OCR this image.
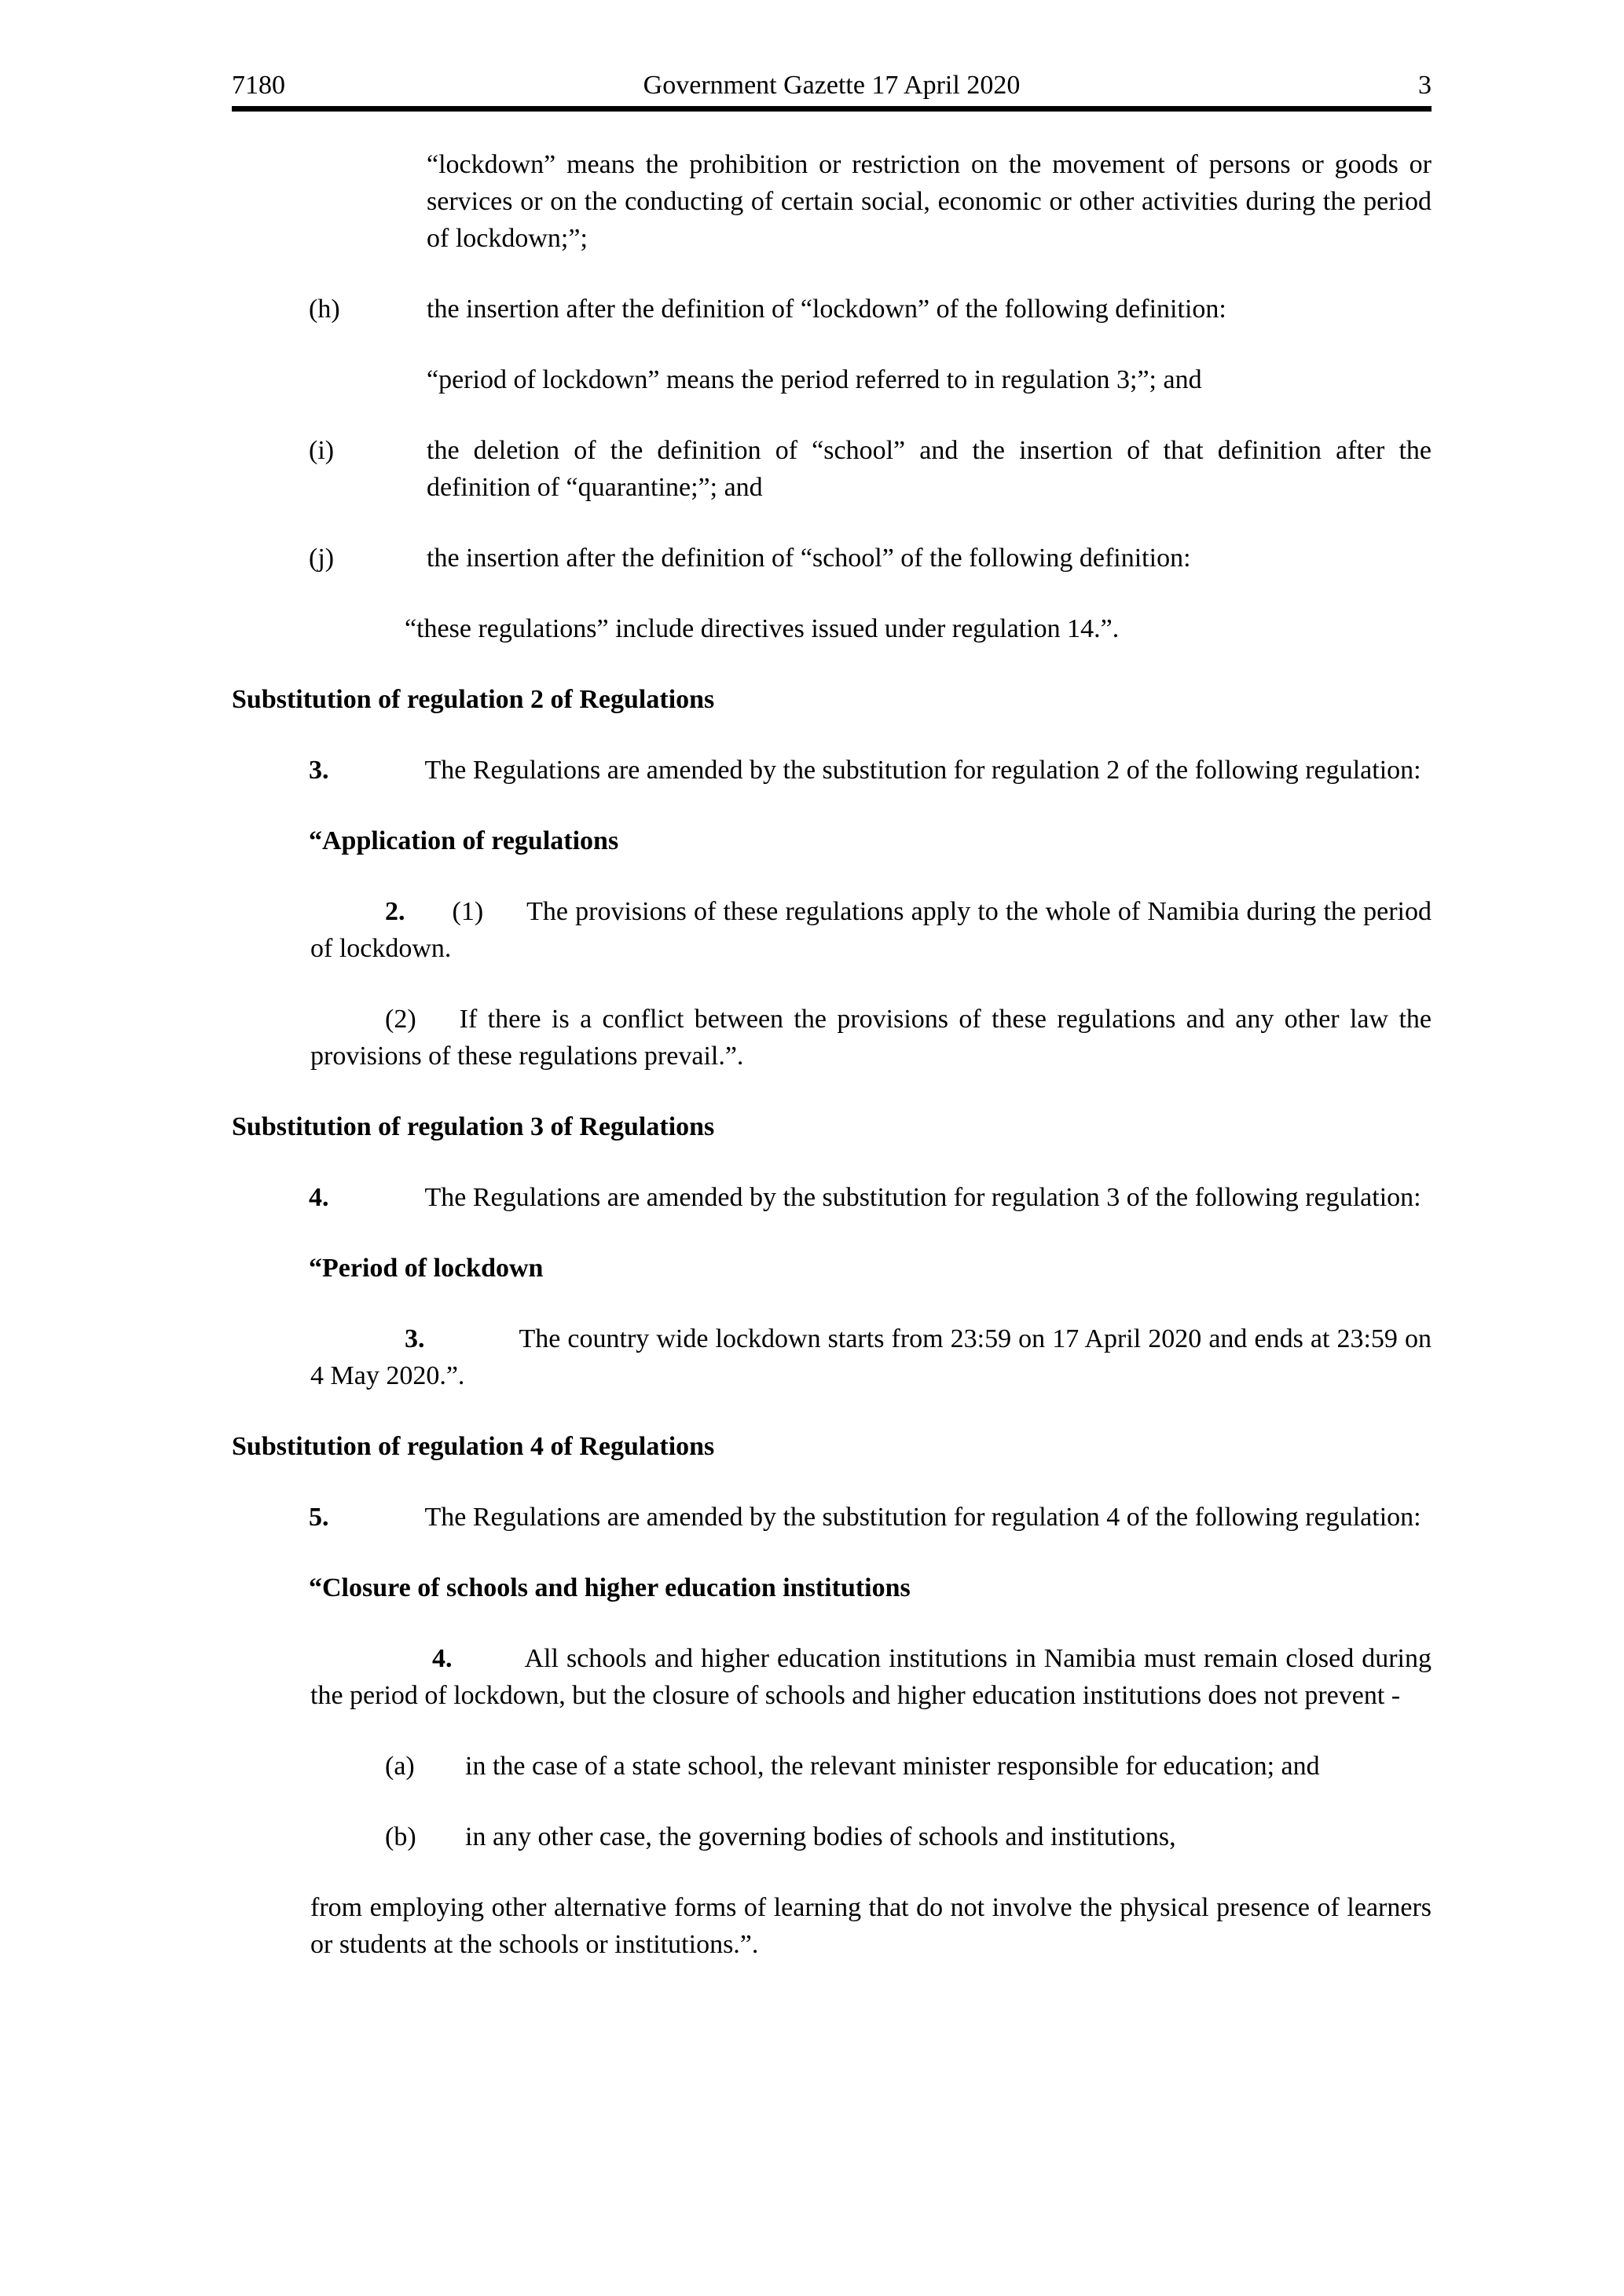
7180	Government Gazette 17 April 2020	3

“lockdown” means the prohibition or restriction on the movement of persons or goods or services or on the conducting of certain social, economic or other activities during the period of lockdown;”;

(h)	the insertion after the definition of “lockdown” of the following definition:

“period of lockdown” means the period referred to in regulation 3;”; and

(i)	the deletion of the definition of “school” and the insertion of that definition after the definition of “quarantine;”; and
(j)	the insertion after the definition of “school” of the following definition:

“these regulations” include directives issued under regulation 14.”.

Substitution of regulation 2 of Regulations

3.	The Regulations are amended by the substitution for regulation 2 of the following regulation:

“Application of regulations

2. (1) The provisions of these regulations apply to the whole of Namibia during the period of lockdown.

(2) If there is a conflict between the provisions of these regulations and any other law the provisions of these regulations prevail.”.

Substitution of regulation 3 of Regulations

4.	The Regulations are amended by the substitution for regulation 3 of the following regulation:

“Period of lockdown

3.	The country wide lockdown starts from 23:59 on 17 April 2020 and ends at 23:59 on 4 May 2020.”.

Substitution of regulation 4 of Regulations

5.	The Regulations are amended by the substitution for regulation 4 of the following regulation:

“Closure of schools and higher education institutions

4.	All schools and higher education institutions in Namibia must remain closed during the period of lockdown, but the closure of schools and higher education institutions does not prevent -

(a)	in the case of a state school, the relevant minister responsible for education; and
(b)	in any other case, the governing bodies of schools and institutions,

from employing other alternative forms of learning that do not involve the physical presence of learners or students at the schools or institutions.”.
